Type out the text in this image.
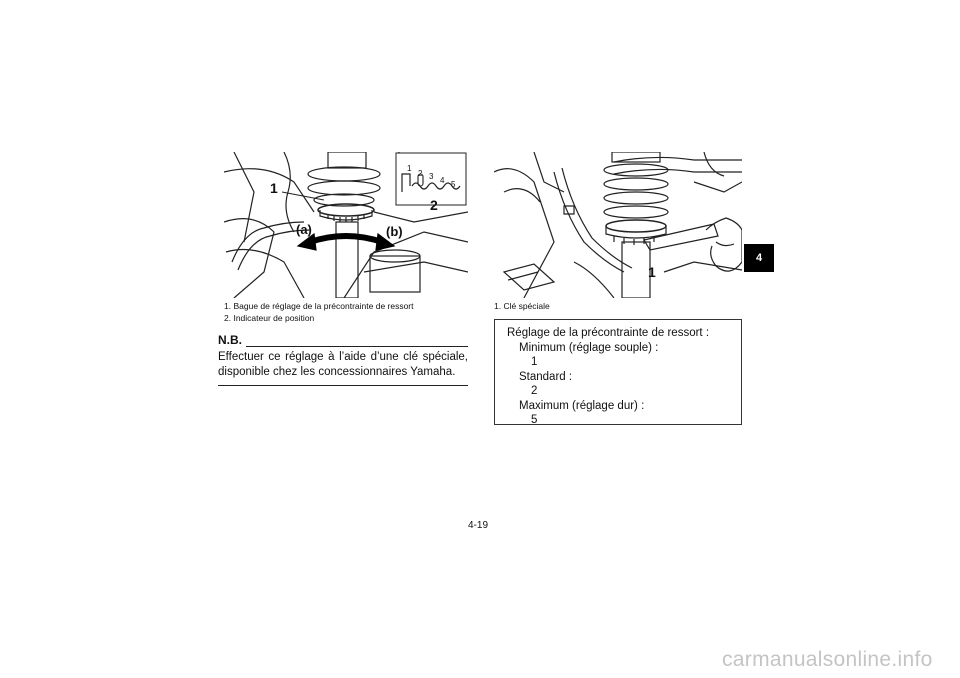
1
2
(a)	(b)
1
2 3 4 5
1. Bague de réglage de la précontrainte de ressort
2. Indicateur de position
N.B.
Effectuer ce réglage à l’aide d’une clé spéciale, disponible chez les concessionnaires Yamaha.
1
1. Clé spéciale
Réglage de la précontrainte de ressort :
Minimum (réglage souple) :
1
Standard :
2
Maximum (réglage dur) :
5
4
4-19
carmanualsonline.info
